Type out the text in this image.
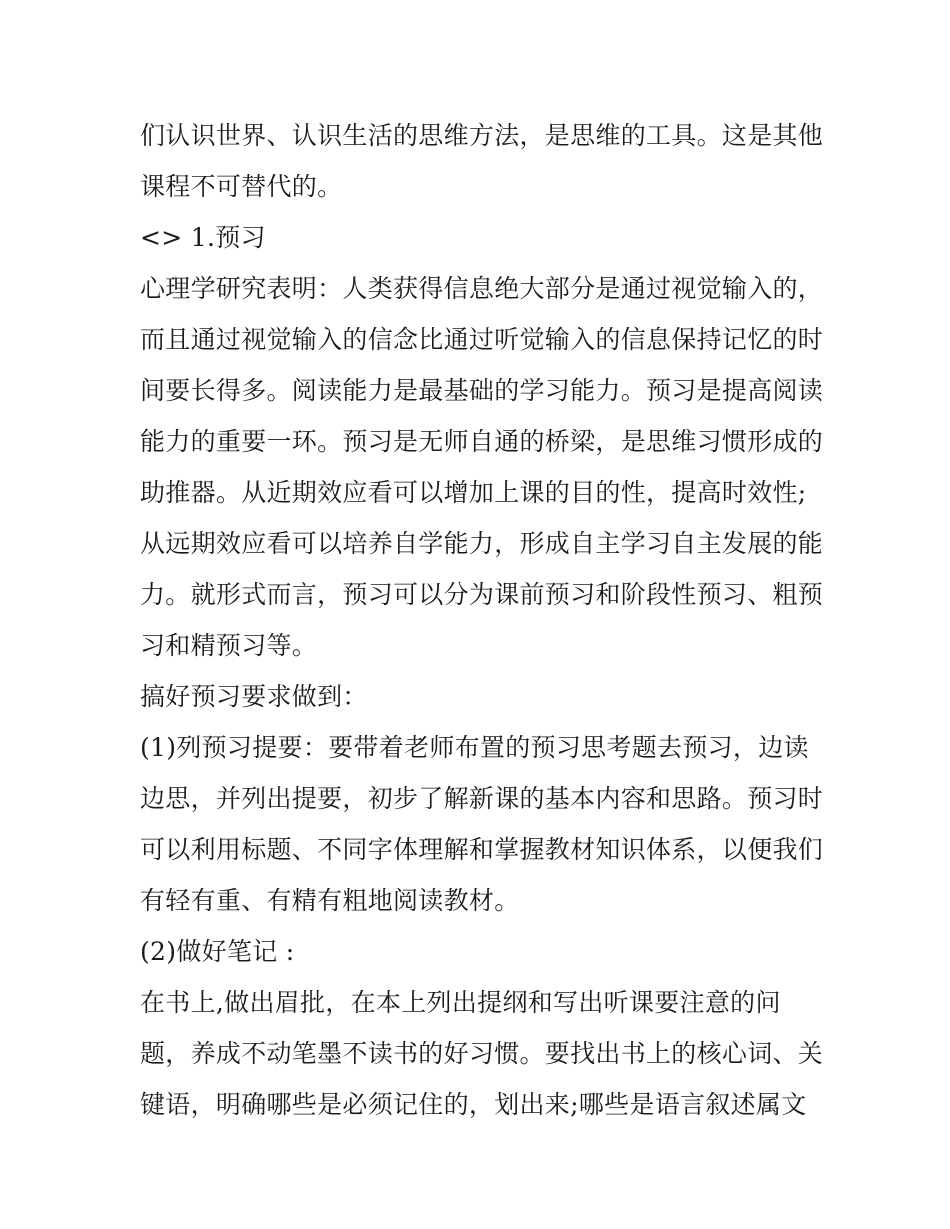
们认识世界、认识生活的思维方法，是思维的工具。这是其他
课程不可替代的。
<> 1.预习
心理学研究表明：人类获得信息绝大部分是通过视觉输入的，
而且通过视觉输入的信念比通过听觉输入的信息保持记忆的时
间要长得多。阅读能力是最基础的学习能力。预习是提高阅读
能力的重要一环。预习是无师自通的桥梁，是思维习惯形成的
助推器。从近期效应看可以增加上课的目的性，提高时效性;
从远期效应看可以培养自学能力，形成自主学习自主发展的能
力。就形式而言，预习可以分为课前预习和阶段性预习、粗预
习和精预习等。
搞好预习要求做到：
(1)列预习提要：要带着老师布置的预习思考题去预习，边读
边思，并列出提要，初步了解新课的基本内容和思路。预习时
可以利用标题、不同字体理解和掌握教材知识体系，以便我们
有轻有重、有精有粗地阅读教材。
(2)做好笔记 :
在书上,做出眉批，在本上列出提纲和写出听课要注意的问
题，养成不动笔墨不读书的好习惯。要找出书上的核心词、关
键语，明确哪些是必须记住的，划出来;哪些是语言叙述属文
